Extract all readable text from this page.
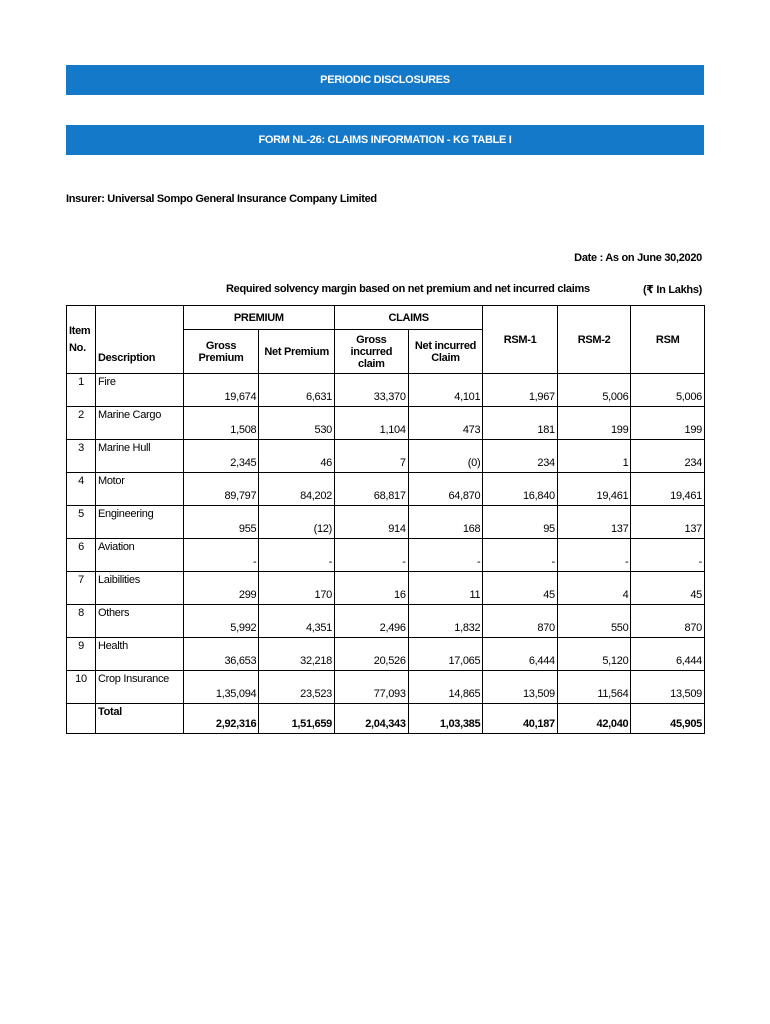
PERIODIC DISCLOSURES
FORM NL-26: CLAIMS INFORMATION - KG TABLE I
Insurer: Universal Sompo General Insurance Company Limited
Date : As on June 30,2020
Required solvency margin based on net premium and net incurred claims	(₹ In Lakhs)
Item No.	Description	PREMIUM		CLAIMS		RSM-1	RSM-2	RSM
		Gross Premium	Net Premium	Gross incurred claim	Net incurred Claim			
1	Fire	19,674	6,631	33,370	4,101	1,967	5,006	5,006
2	Marine Cargo	1,508	530	1,104	473	181	199	199
3	Marine Hull	2,345	46	7	(0)	234	1	234
4	Motor	89,797	84,202	68,817	64,870	16,840	19,461	19,461
5	Engineering	955	(12)	914	168	95	137	137
6	Aviation	-	-	-	-	-	-	-
7	Laibilities	299	170	16	11	45	4	45
8	Others	5,992	4,351	2,496	1,832	870	550	870
9	Health	36,653	32,218	20,526	17,065	6,444	5,120	6,444
10	Crop Insurance	1,35,094	23,523	77,093	14,865	13,509	11,564	13,509
	Total	2,92,316	1,51,659	2,04,343	1,03,385	40,187	42,040	45,905
